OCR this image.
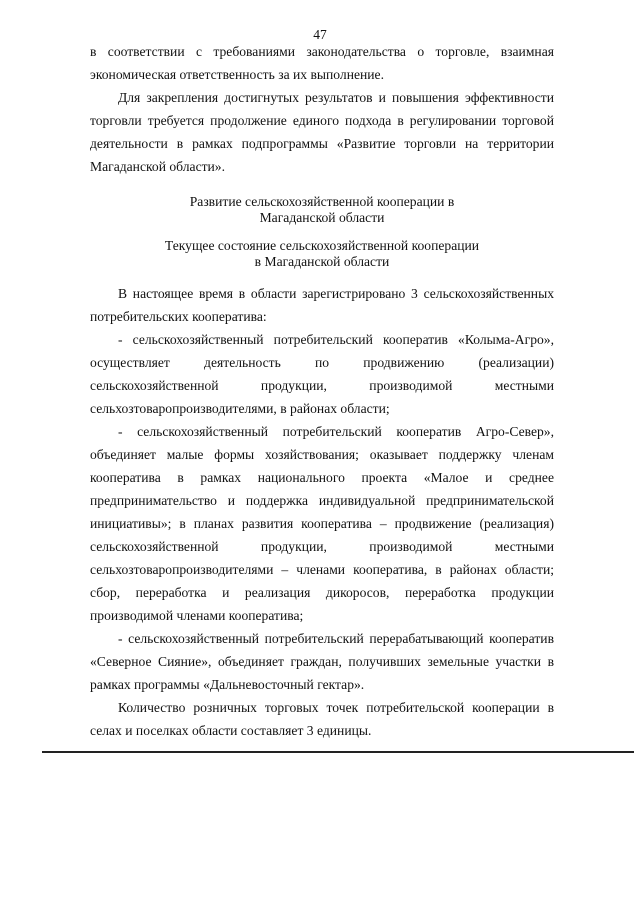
47

в соответствии с требованиями законодательства о торговле, взаимная экономическая ответственность за их выполнение.

Для закрепления достигнутых результатов и повышения эффективности торговли требуется продолжение единого подхода в регулировании торговой деятельности в рамках подпрограммы «Развитие торговли на территории Магаданской области».

Развитие сельскохозяйственной кооперации в
Магаданской области
Текущее состояние сельскохозяйственной кооперации
в Магаданской области

В настоящее время в области зарегистрировано 3 сельскохозяйственных потребительских кооператива:

- сельскохозяйственный потребительский кооператив «Колыма-Агро», осуществляет деятельность по продвижению (реализации) сельскохозяйственной продукции, производимой местными сельхозтоваропроизводителями, в районах области;

- сельскохозяйственный потребительский кооператив Агро-Север», объединяет малые формы хозяйствования; оказывает поддержку членам кооператива в рамках национального проекта «Малое и среднее предпринимательство и поддержка индивидуальной предпринимательской инициативы»; в планах развития кооператива – продвижение (реализация) сельскохозяйственной продукции, производимой местными сельхозтоваропроизводителями – членами кооператива, в районах области; сбор, переработка и реализация дикоросов, переработка продукции производимой членами кооператива;

- сельскохозяйственный потребительский перерабатывающий кооператив «Северное Сияние», объединяет граждан, получивших земельные участки в рамках программы «Дальневосточный гектар».

Количество розничных торговых точек потребительской кооперации в селах и поселках области составляет 3 единицы.
